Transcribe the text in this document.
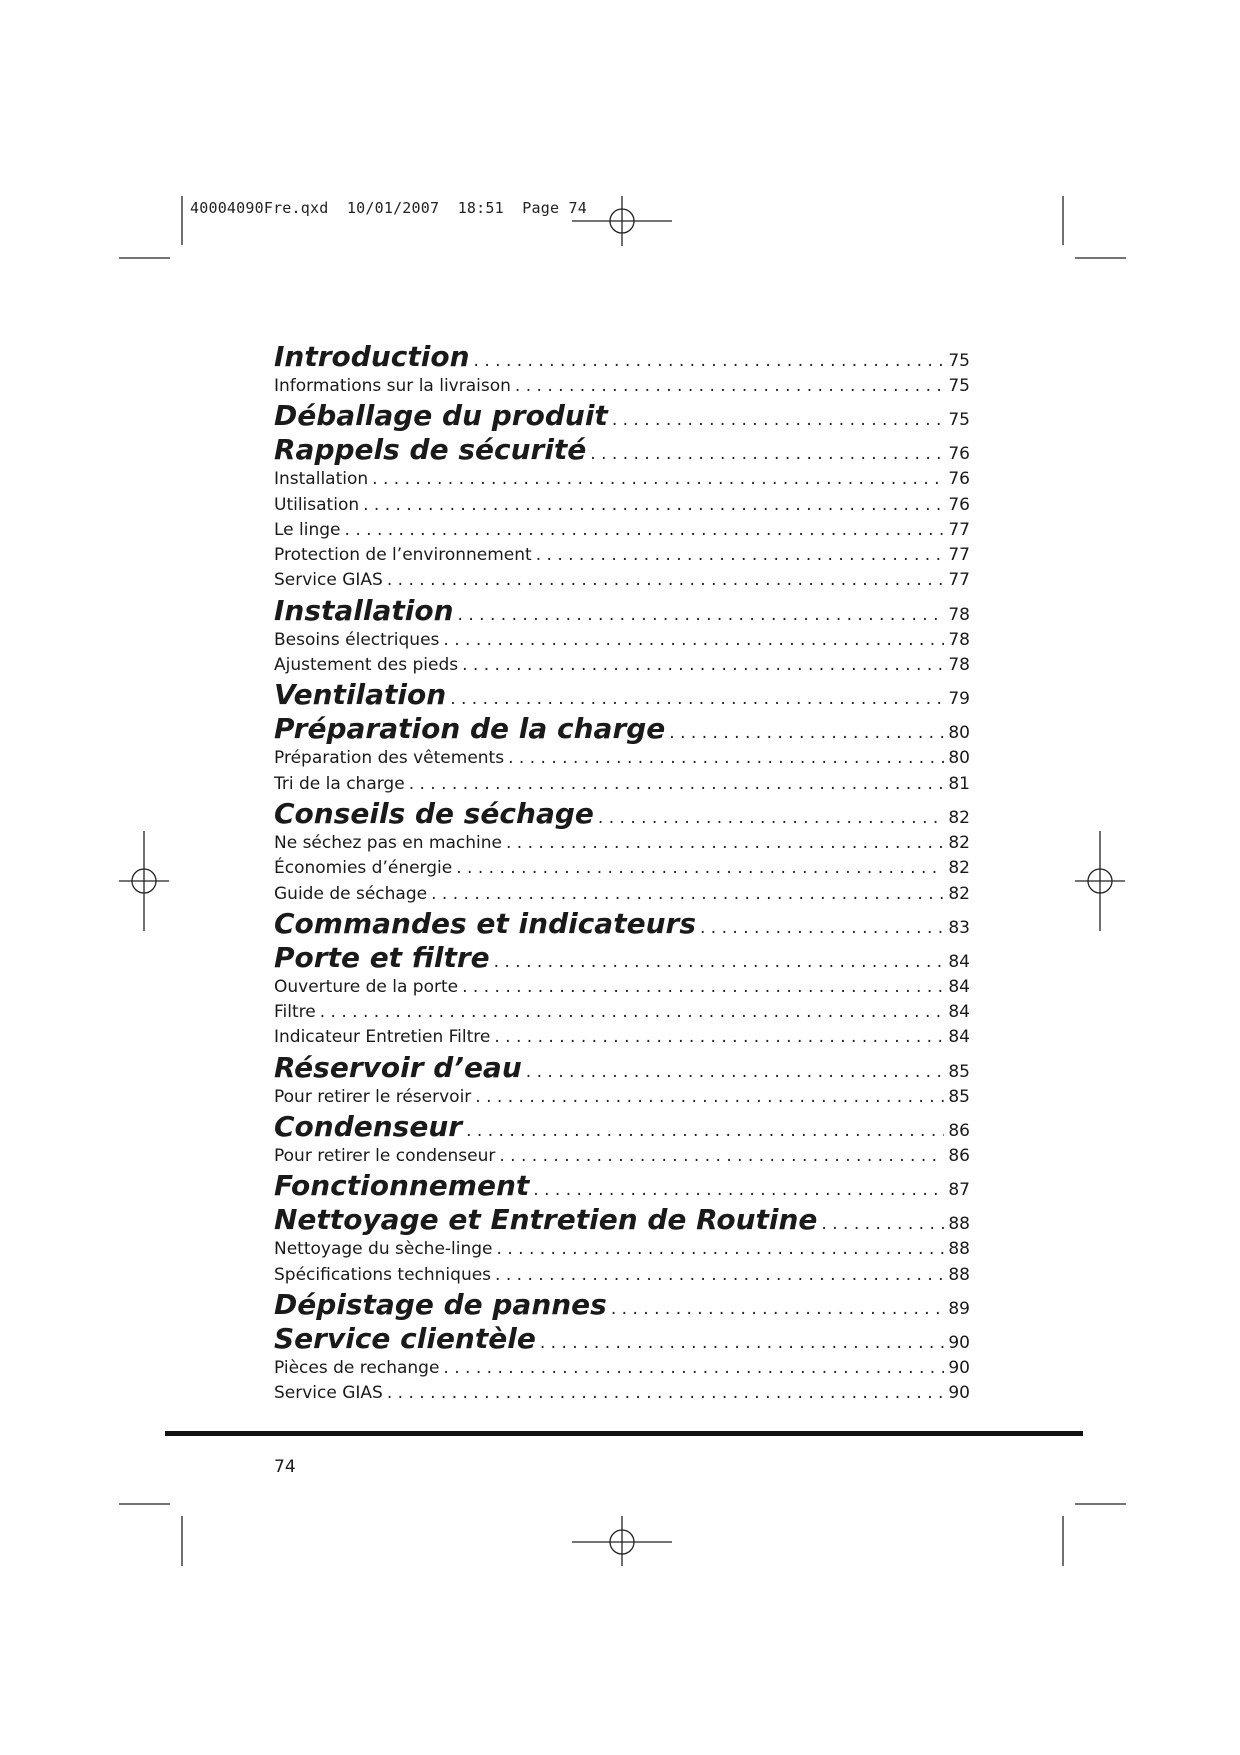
40004090Fre.qxd  10/01/2007  18:51  Page 74
Introduction . . .	75
Informations sur la livraison . . .	75
Déballage du produit . . .	75
Rappels de sécurité . . .	76
Installation . . .	76
Utilisation . . .	76
Le linge . . .	77
Protection de l’environnement . . .	77
Service GIAS . . .	77
Installation . . .	78
Besoins électriques . . .	78
Ajustement des pieds . . .	78
Ventilation . . .	79
Préparation de la charge . . .	80
Préparation des vêtements . . .	80
Tri de la charge . . .	81
Conseils de séchage . . .	82
Ne séchez pas en machine . . .	82
Économies d’énergie . . .	82
Guide de séchage . . .	82
Commandes et indicateurs . . .	83
Porte et filtre . . .	84
Ouverture de la porte . . .	84
Filtre . . .	84
Indicateur Entretien Filtre . . .	84
Réservoir d’eau . . .	85
Pour retirer le réservoir . . .	85
Condenseur . . .	86
Pour retirer le condenseur . . .	86
Fonctionnement . . .	87
Nettoyage et Entretien de Routine . . .	88
Nettoyage du sèche-linge . . .	88
Spécifications techniques . . .	88
Dépistage de pannes . . .	89
Service clientèle . . .	90
Pièces de rechange . . .	90
Service GIAS . . .	90
74
